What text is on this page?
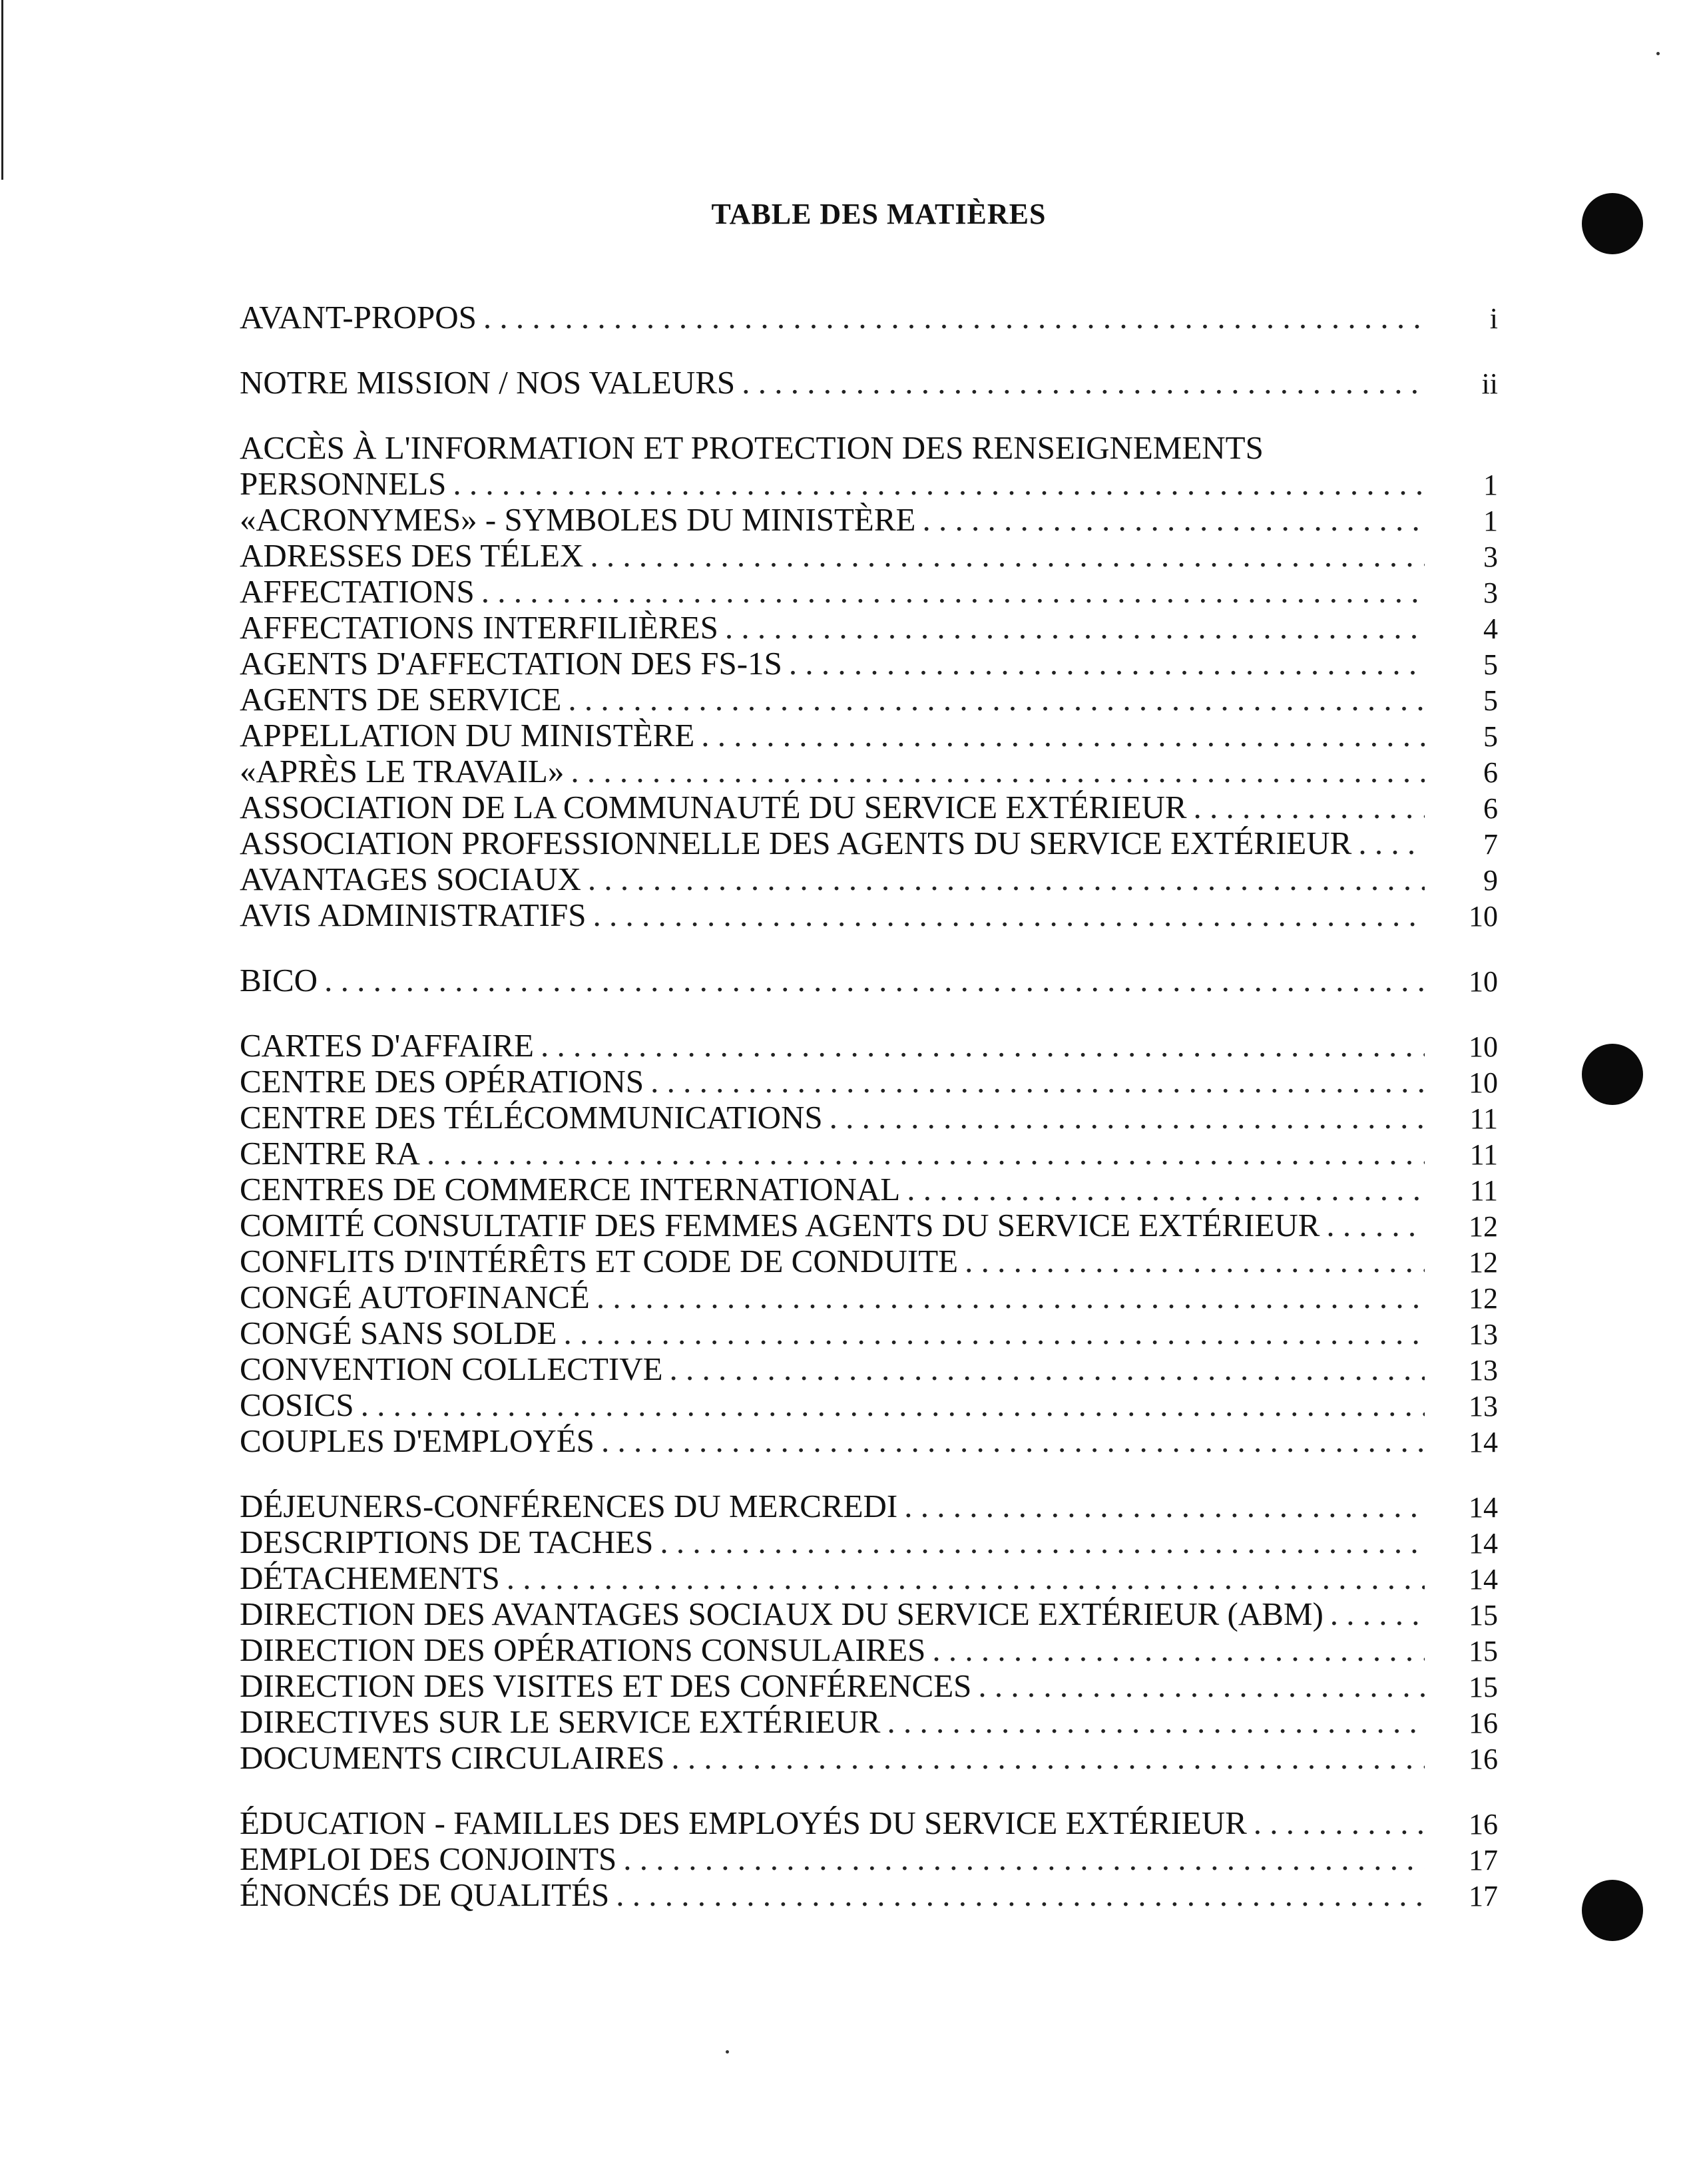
TABLE DES MATIÈRES
AVANT-PROPOS . . .	i
NOTRE MISSION / NOS VALEURS . . .	ii
ACCÈS À L'INFORMATION ET PROTECTION DES RENSEIGNEMENTS
PERSONNELS . . .	1
«ACRONYMES» - SYMBOLES DU MINISTÈRE . . .	1
ADRESSES DES TÉLEX . . .	3
AFFECTATIONS . . .	3
AFFECTATIONS INTERFILIÈRES . . .	4
AGENTS D'AFFECTATION DES FS-1S . . .	5
AGENTS DE SERVICE . . .	5
APPELLATION DU MINISTÈRE . . .	5
«APRÈS LE TRAVAIL» . . .	6
ASSOCIATION DE LA COMMUNAUTÉ DU SERVICE EXTÉRIEUR . . .	6
ASSOCIATION PROFESSIONNELLE DES AGENTS DU SERVICE EXTÉRIEUR . . .	7
AVANTAGES SOCIAUX . . .	9
AVIS ADMINISTRATIFS . . .	10
BICO . . .	10
CARTES D'AFFAIRE . . .	10
CENTRE DES OPÉRATIONS . . .	10
CENTRE DES TÉLÉCOMMUNICATIONS . . .	11
CENTRE RA . . .	11
CENTRES DE COMMERCE INTERNATIONAL . . .	11
COMITÉ CONSULTATIF DES FEMMES AGENTS DU SERVICE EXTÉRIEUR . . .	12
CONFLITS D'INTÉRÊTS ET CODE DE CONDUITE . . .	12
CONGÉ AUTOFINANCÉ . . .	12
CONGÉ SANS SOLDE . . .	13
CONVENTION COLLECTIVE . . .	13
COSICS . . .	13
COUPLES D'EMPLOYÉS . . .	14
DÉJEUNERS-CONFÉRENCES DU MERCREDI . . .	14
DESCRIPTIONS DE TACHES . . .	14
DÉTACHEMENTS . . .	14
DIRECTION DES AVANTAGES SOCIAUX DU SERVICE EXTÉRIEUR (ABM) . . .	15
DIRECTION DES OPÉRATIONS CONSULAIRES . . .	15
DIRECTION DES VISITES ET DES CONFÉRENCES . . .	15
DIRECTIVES SUR LE SERVICE EXTÉRIEUR . . .	16
DOCUMENTS CIRCULAIRES . . .	16
ÉDUCATION - FAMILLES DES EMPLOYÉS DU SERVICE EXTÉRIEUR . . .	16
EMPLOI DES CONJOINTS . . .	17
ÉNONCÉS DE QUALITÉS . . .	17
